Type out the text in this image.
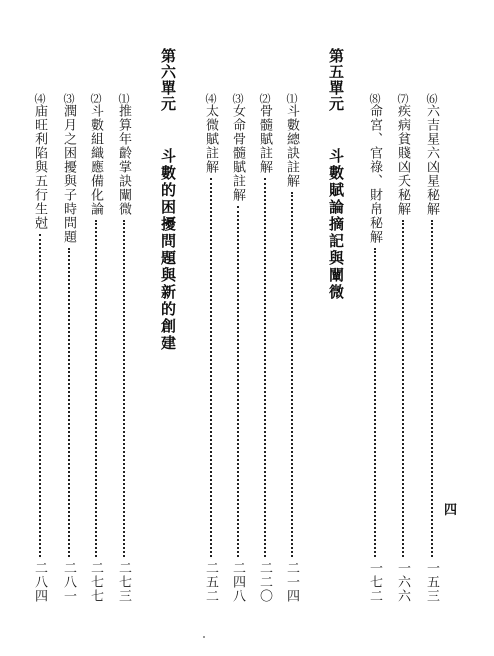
⑹
六吉星六凶星秘解
一五三
⑺
疾病貧賤凶夭秘解
一六六
⑻
命宮、官祿、財帛秘解
一七二
第五單元 斗數賦論摘記與闡微
⑴
斗數總訣註解
二一四
⑵
骨髓賦註解
二二〇
⑶
女命骨髓賦註解
二四八
⑷
太微賦註解
二五二
第六單元 斗數的困擾問題與新的創建
⑴
推算年齡掌訣闡微
二七三
⑵
斗數組織應備化論
二七七
⑶
潤月之困擾與子時問題
二八一
⑷
庙旺利陷與五行生尅
二八四
四
